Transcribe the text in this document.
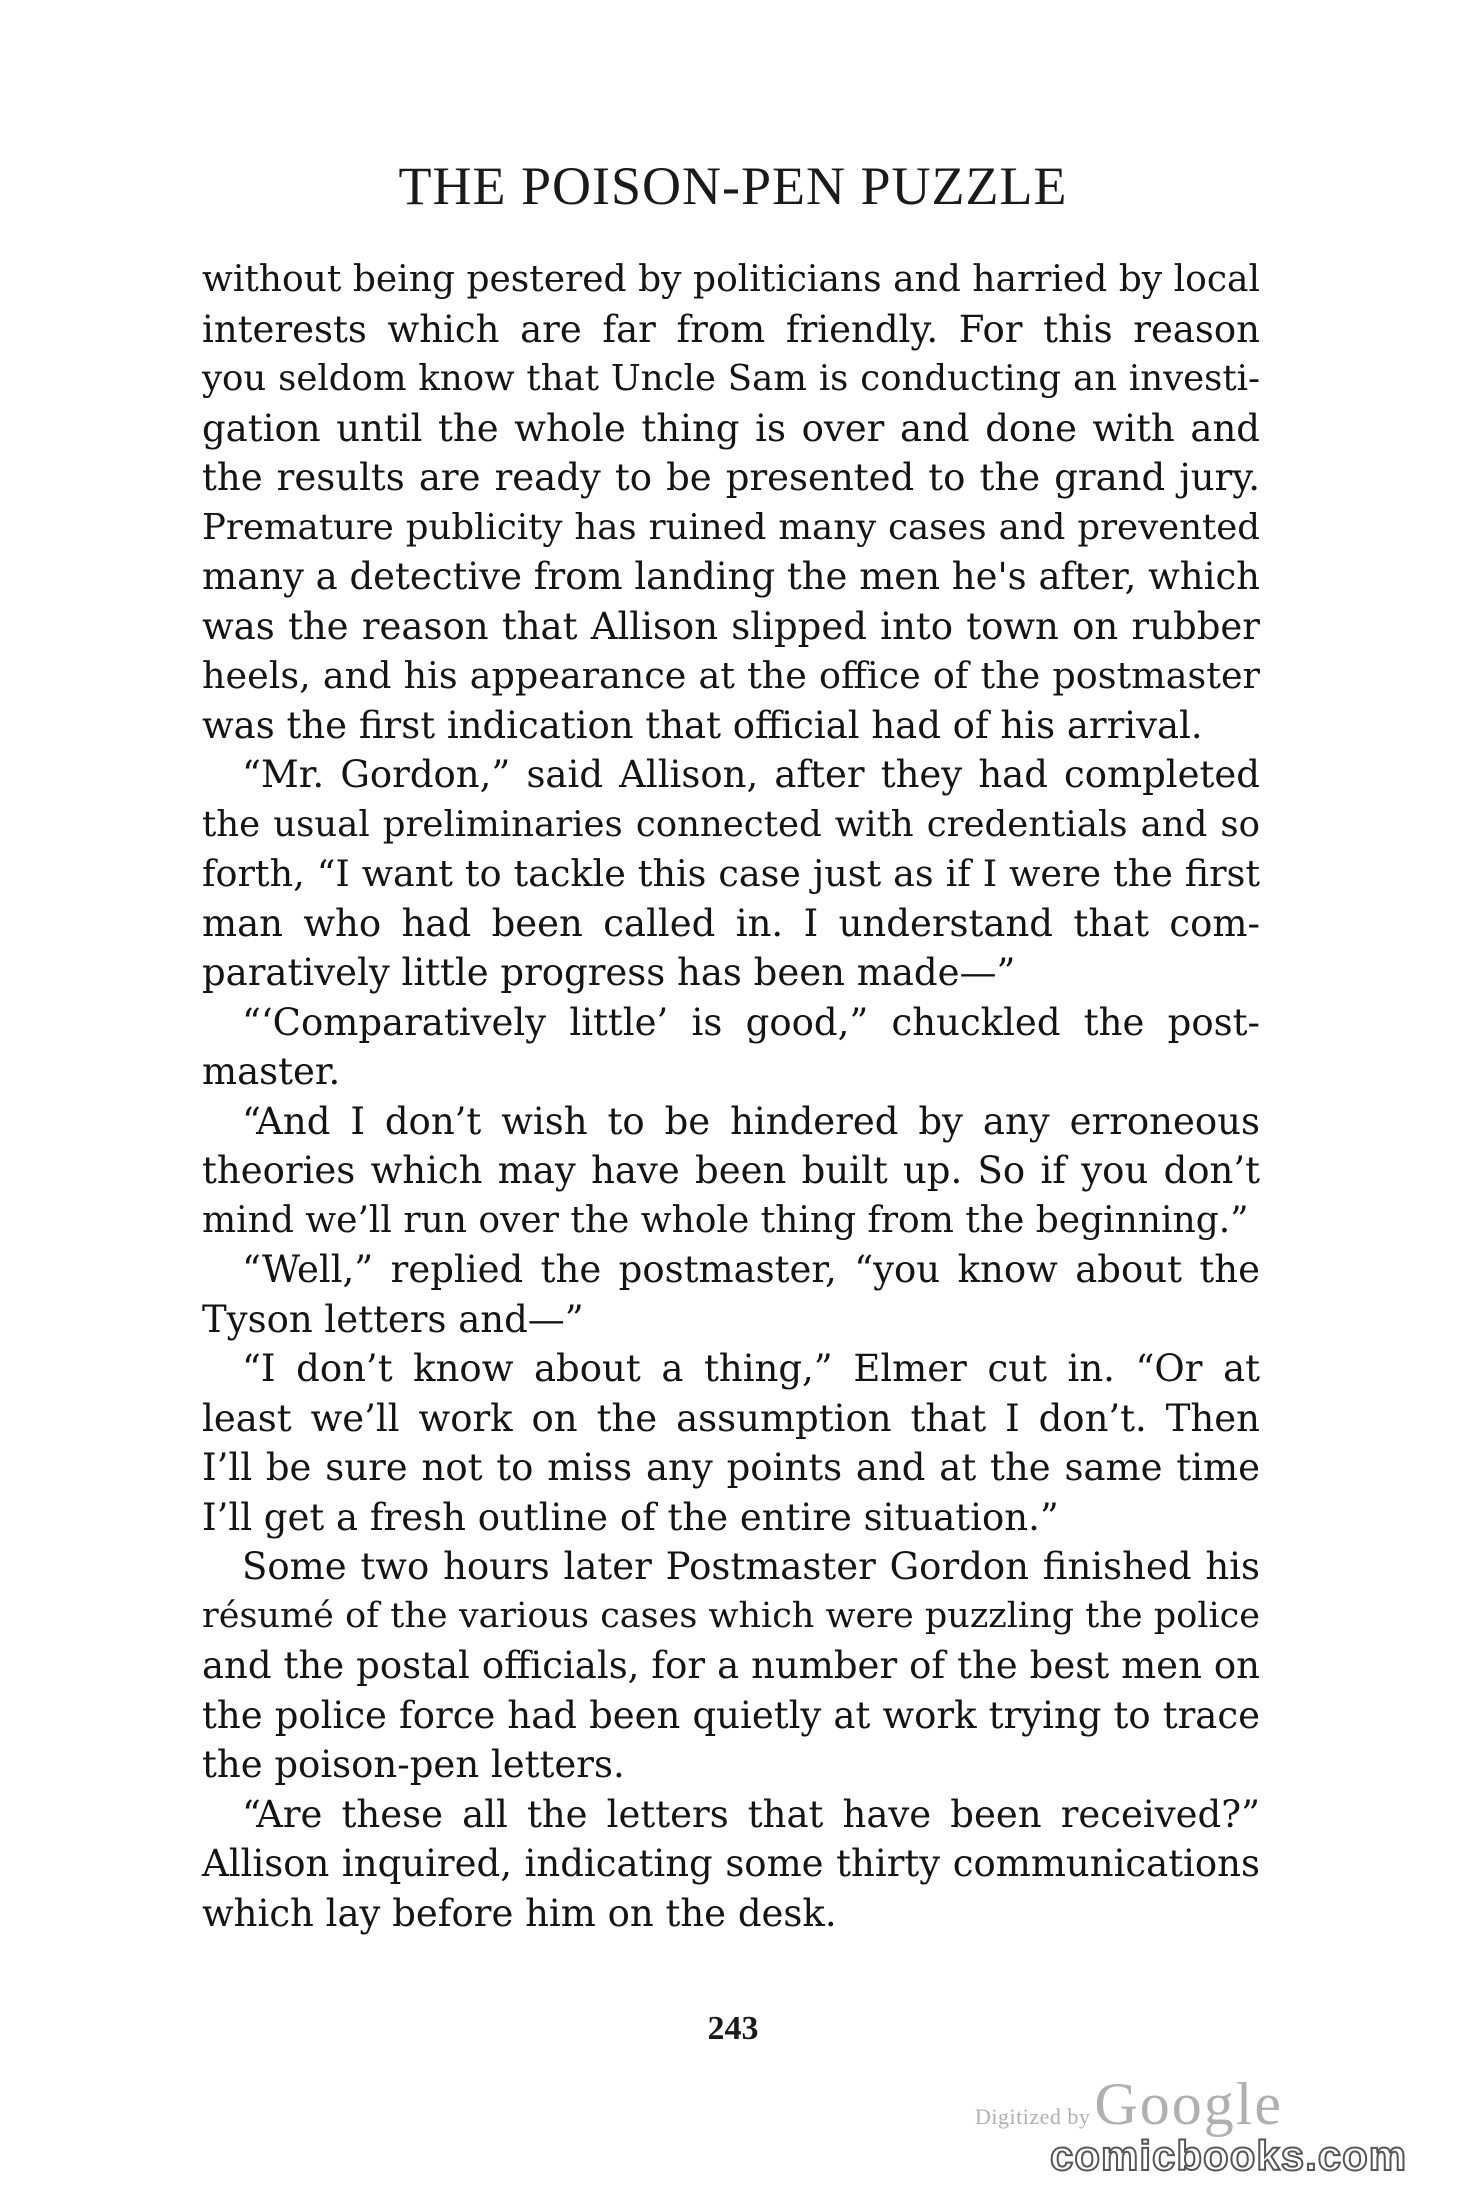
THE POISON-PEN PUZZLE
without being pestered by politicians and harried by local
interests which are far from friendly. For this reason
you seldom know that Uncle Sam is conducting an investi-
gation until the whole thing is over and done with and
the results are ready to be presented to the grand jury.
Premature publicity has ruined many cases and prevented
many a detective from landing the men he's after, which
was the reason that Allison slipped into town on rubber
heels, and his appearance at the office of the postmaster
was the first indication that official had of his arrival.
“Mr. Gordon,” said Allison, after they had completed
the usual preliminaries connected with credentials and so
forth, “I want to tackle this case just as if I were the first
man who had been called in. I understand that com-
paratively little progress has been made—”
“‘Comparatively little’ is good,” chuckled the post-
master.
“And I don’t wish to be hindered by any erroneous
theories which may have been built up. So if you don’t
mind we’ll run over the whole thing from the beginning.”
“Well,” replied the postmaster, “you know about the
Tyson letters and—”
“I don’t know about a thing,” Elmer cut in. “Or at
least we’ll work on the assumption that I don’t. Then
I’ll be sure not to miss any points and at the same time
I’ll get a fresh outline of the entire situation.”
Some two hours later Postmaster Gordon finished his
résumé of the various cases which were puzzling the police
and the postal officials, for a number of the best men on
the police force had been quietly at work trying to trace
the poison-pen letters.
“Are these all the letters that have been received?”
Allison inquired, indicating some thirty communications
which lay before him on the desk.
243
Digitized by Google
comicbooks.com
